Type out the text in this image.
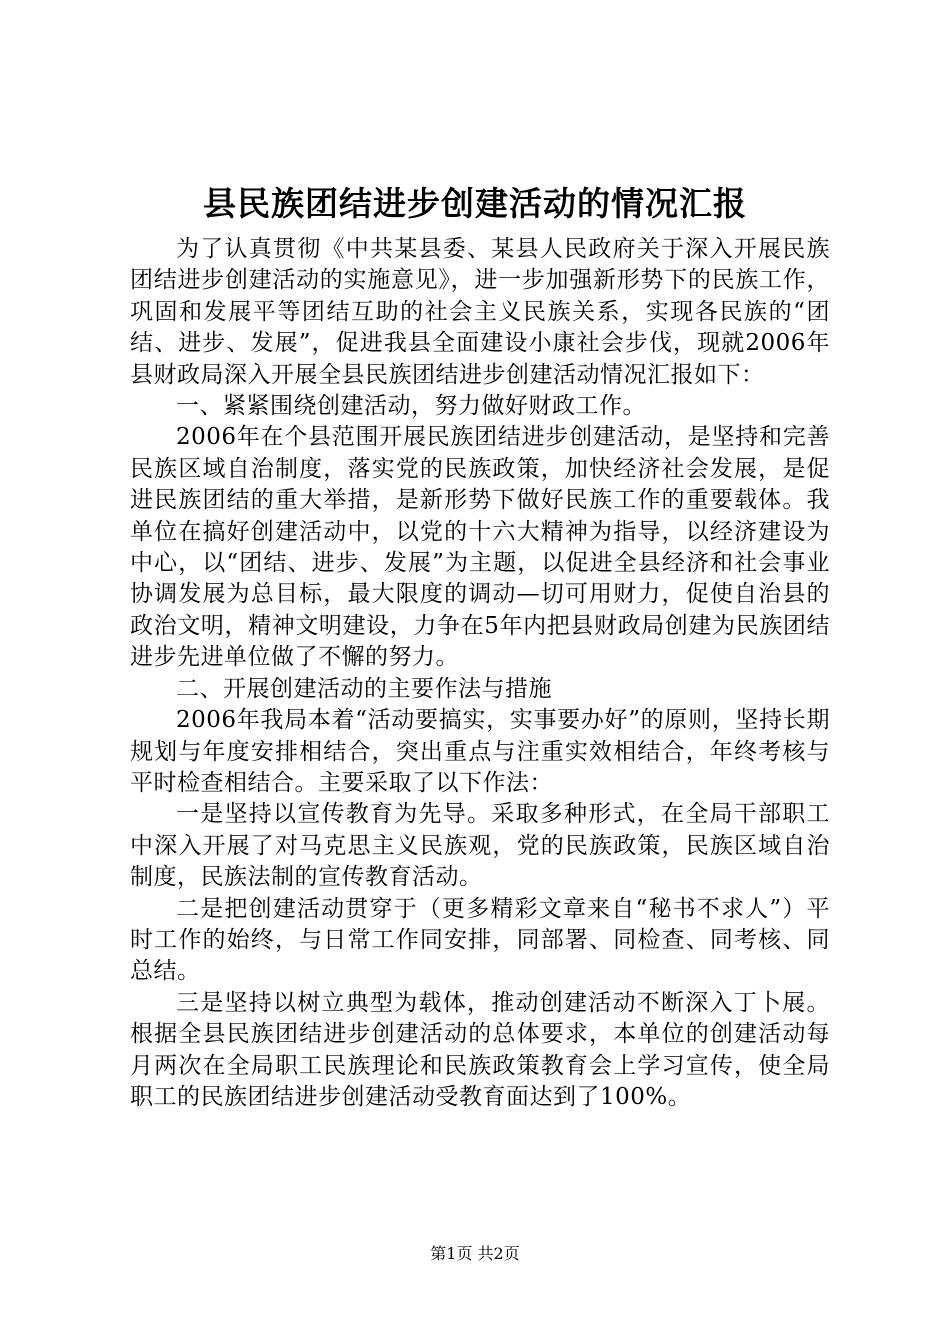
县民族团结进步创建活动的情况汇报

为了认真贯彻《中共某县委、某县人民政府关于深入开展民族团结进步创建活动的实施意见》，进一步加强新形势下的民族工作，巩固和发展平等团结互助的社会主义民族关系，实现各民族的“团结、进步、发展”，促进我县全面建设小康社会步伐，现就2006年县财政局深入开展全县民族团结进步创建活动情况汇报如下：

一、紧紧围绕创建活动，努力做好财政工作。

2006年在个县范围开展民族团结进步创建活动，是坚持和完善民族区域自治制度，落实党的民族政策，加快经济社会发展，是促进民族团结的重大举措，是新形势下做好民族工作的重要载体。我单位在搞好创建活动中，以党的十六大精神为指导，以经济建设为中心，以“团结、进步、发展”为主题，以促进全县经济和社会事业协调发展为总目标，最大限度的调动—切可用财力，促使自治县的政治文明，精神文明建设，力争在5年内把县财政局创建为民族团结进步先进单位做了不懈的努力。

二、开展创建活动的主要作法与措施

2006年我局本着“活动要搞实，实事要办好”的原则，坚持长期规划与年度安排相结合，突出重点与注重实效相结合，年终考核与平时检查相结合。主要采取了以下作法：

一是坚持以宣传教育为先导。采取多种形式，在全局干部职工中深入开展了对马克思主义民族观，党的民族政策，民族区域自治制度，民族法制的宣传教育活动。

二是把创建活动贯穿于（更多精彩文章来自“秘书不求人”）平时工作的始终，与日常工作同安排，同部署、同检查、同考核、同总结。

三是坚持以树立典型为载体，推动创建活动不断深入丁卜展。根据全县民族团结进步创建活动的总体要求，本单位的创建活动每月两次在全局职工民族理论和民族政策教育会上学习宣传，使全局职工的民族团结进步创建活动受教育面达到了100%。

第1页 共2页
